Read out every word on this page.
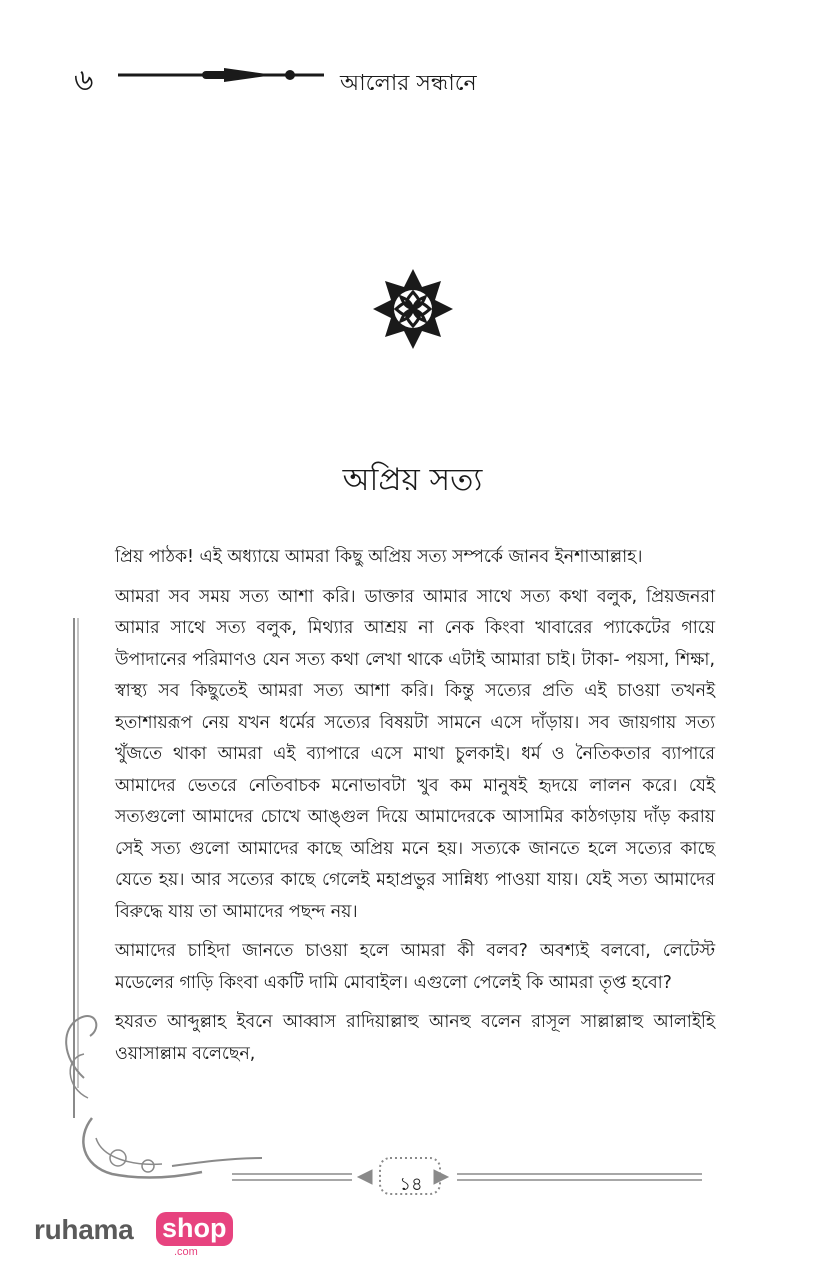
৬	আলোর সন্ধানে
অপ্রিয় সত্য

প্রিয় পাঠক! এই অধ্যায়ে আমরা কিছু অপ্রিয় সত্য সম্পর্কে জানব ইনশাআল্লাহ।

আমরা সব সময় সত্য আশা করি। ডাক্তার আমার সাথে সত্য কথা বলুক, প্রিয়জনরা আমার সাথে সত্য বলুক, মিথ্যার আশ্রয় না নেক কিংবা খাবারের প্যাকেটের গায়ে উপাদানের পরিমাণও যেন সত্য কথা লেখা থাকে এটাই আমারা চাই। টাকা- পয়সা, শিক্ষা, স্বাস্থ্য সব কিছুতেই আমরা সত্য আশা করি। কিন্তু সত্যের প্রতি এই চাওয়া তখনই হতাশায়রূপ নেয় যখন ধর্মের সত্যের বিষয়টা সামনে এসে দাঁড়ায়। সব জায়গায় সত্য খুঁজতে থাকা আমরা এই ব্যাপারে এসে মাথা চুলকাই। ধর্ম ও নৈতিকতার ব্যাপারে আমাদের ভেতরে নেতিবাচক মনোভাবটা খুব কম মানুষই হৃদয়ে লালন করে। যেই সত্যগুলো আমাদের চোখে আঙ্গুল দিয়ে আমাদেরকে আসামির কাঠগড়ায় দাঁড় করায় সেই সত্য গুলো আমাদের কাছে অপ্রিয় মনে হয়। সত্যকে জানতে হলে সত্যের কাছে যেতে হয়। আর সত্যের কাছে গেলেই মহাপ্রভুর সান্নিধ্য পাওয়া যায়। যেই সত্য আমাদের বিরুদ্ধে যায় তা আমাদের পছন্দ নয়।

আমাদের চাহিদা জানতে চাওয়া হলে আমরা কী বলব? অবশ্যই বলবো, লেটেস্ট মডেলের গাড়ি কিংবা একটি দামি মোবাইল। এগুলো পেলেই কি আমরা তৃপ্ত হবো?

হযরত আব্দুল্লাহ ইবনে আব্বাস রাদিয়াল্লাহু আনহু বলেন রাসূল সাল্লাল্লাহু আলাইহি ওয়াসাল্লাম বলেছেন,

১৪
ruhama shop
.com
